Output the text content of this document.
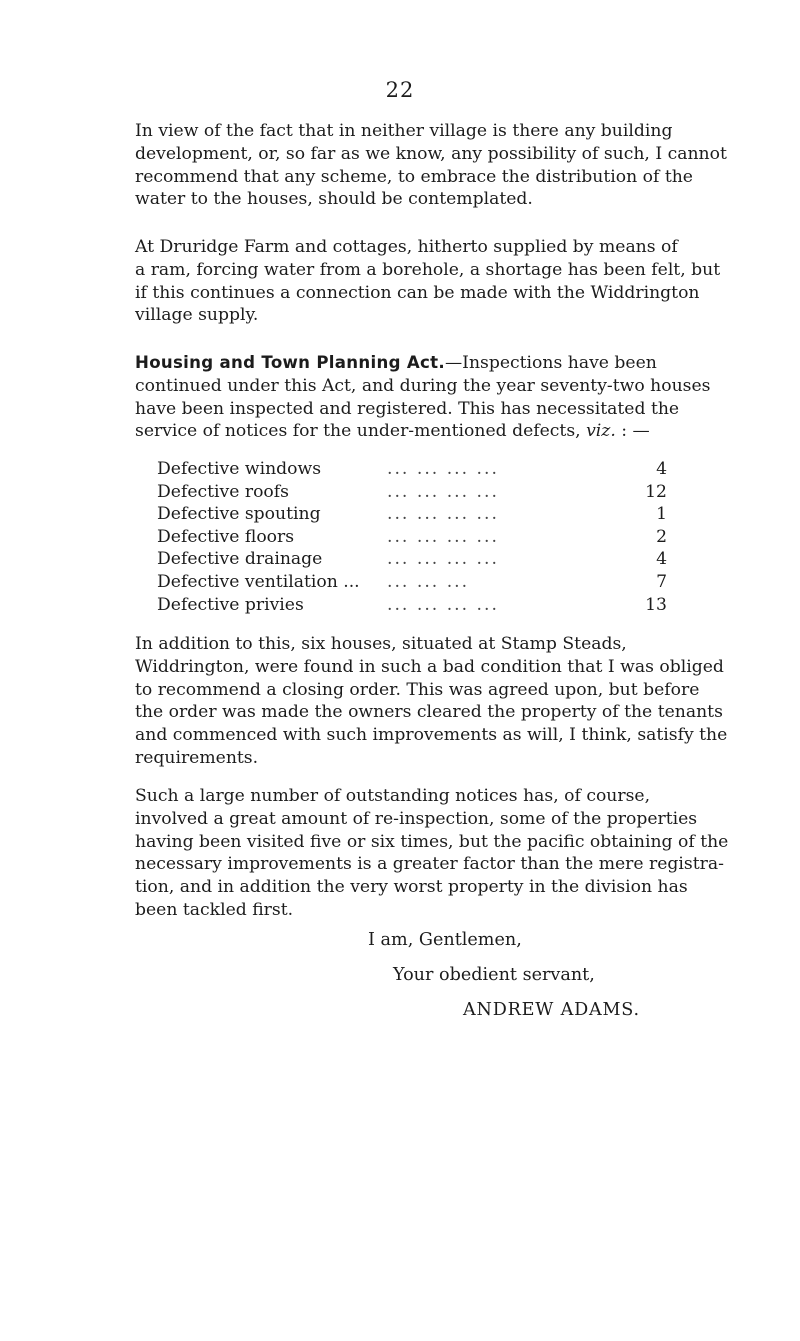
22

In view of the fact that in neither village is there any building
development, or, so far as we know, any possibility of such, I cannot
recommend that any scheme, to embrace the distribution of the
water to the houses, should be contemplated.

At Druridge Farm and cottages, hitherto supplied by means of
a ram, forcing water from a borehole, a shortage has been felt, but
if this continues a connection can be made with the Widdrington
village supply.

Housing and Town Planning Act.—Inspections have been
continued under this Act, and during the year seventy-two houses
have been inspected and registered. This has necessitated the
service of notices for the under-mentioned defects, viz. : —

Defective windows	... ... ... ...	4
Defective roofs	... ... ... ...	12
Defective spouting	... ... ... ...	1
Defective floors	... ... ... ...	2
Defective drainage	... ... ... ...	4
Defective ventilation ... ... ... ...	7
Defective privies	... ... ... ...	13

In addition to this, six houses, situated at Stamp Steads,
Widdrington, were found in such a bad condition that I was obliged
to recommend a closing order. This was agreed upon, but before
the order was made the owners cleared the property of the tenants
and commenced with such improvements as will, I think, satisfy the
requirements.

Such a large number of outstanding notices has, of course,
involved a great amount of re-inspection, some of the properties
having been visited five or six times, but the pacific obtaining of the
necessary improvements is a greater factor than the mere registra-
tion, and in addition the very worst property in the division has
been tackled first.

I am, Gentlemen,
Your obedient servant,
ANDREW ADAMS.
